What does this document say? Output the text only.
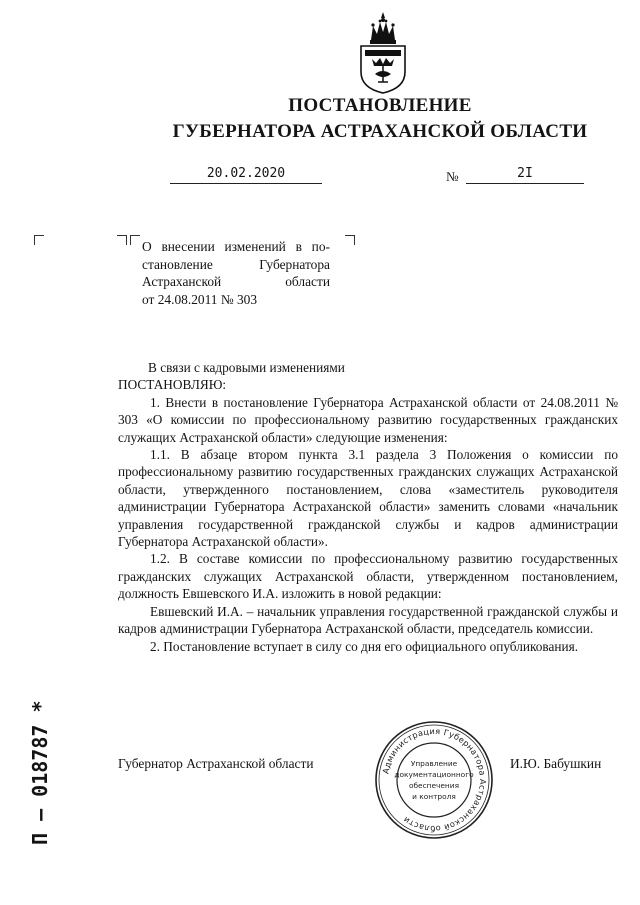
ПОСТАНОВЛЕНИЕ
ГУБЕРНАТОРА АСТРАХАНСКОЙ ОБЛАСТИ
20.02.2020	№	2I
О внесении изменений в по-
становление Губернатора
Астраханской области
от 24.08.2011 № 303

В связи с кадровыми изменениями

ПОСТАНОВЛЯЮ:

1. Внести в постановление Губернатора Астраханской области от 24.08.2011 № 303 «О комиссии по профессиональному развитию государственных гражданских служащих Астраханской области» следующие изменения:

1.1. В абзаце втором пункта 3.1 раздела 3 Положения о комиссии по профессиональному развитию государственных гражданских служащих Астраханской области, утвержденного постановлением, слова «заместитель руководителя администрации Губернатора Астраханской области» заменить словами «начальник управления государственной гражданской службы и кадров администрации Губернатора Астраханской области».

1.2. В составе комиссии по профессиональному развитию государственных гражданских служащих Астраханской области, утвержденном постановлением, должность Евшевского И.А. изложить в новой редакции:

Евшевский И.А. – начальник управления государственной гражданской службы и кадров администрации Губернатора Астраханской области, председатель комиссии.

2. Постановление вступает в силу со дня его официального опубликования.

Губернатор Астраханской области	И.Ю. Бабушкин
Администрация Губернатора Астраханской области
Управление
документационного
обеспечения
и контроля
П – 018787 *
